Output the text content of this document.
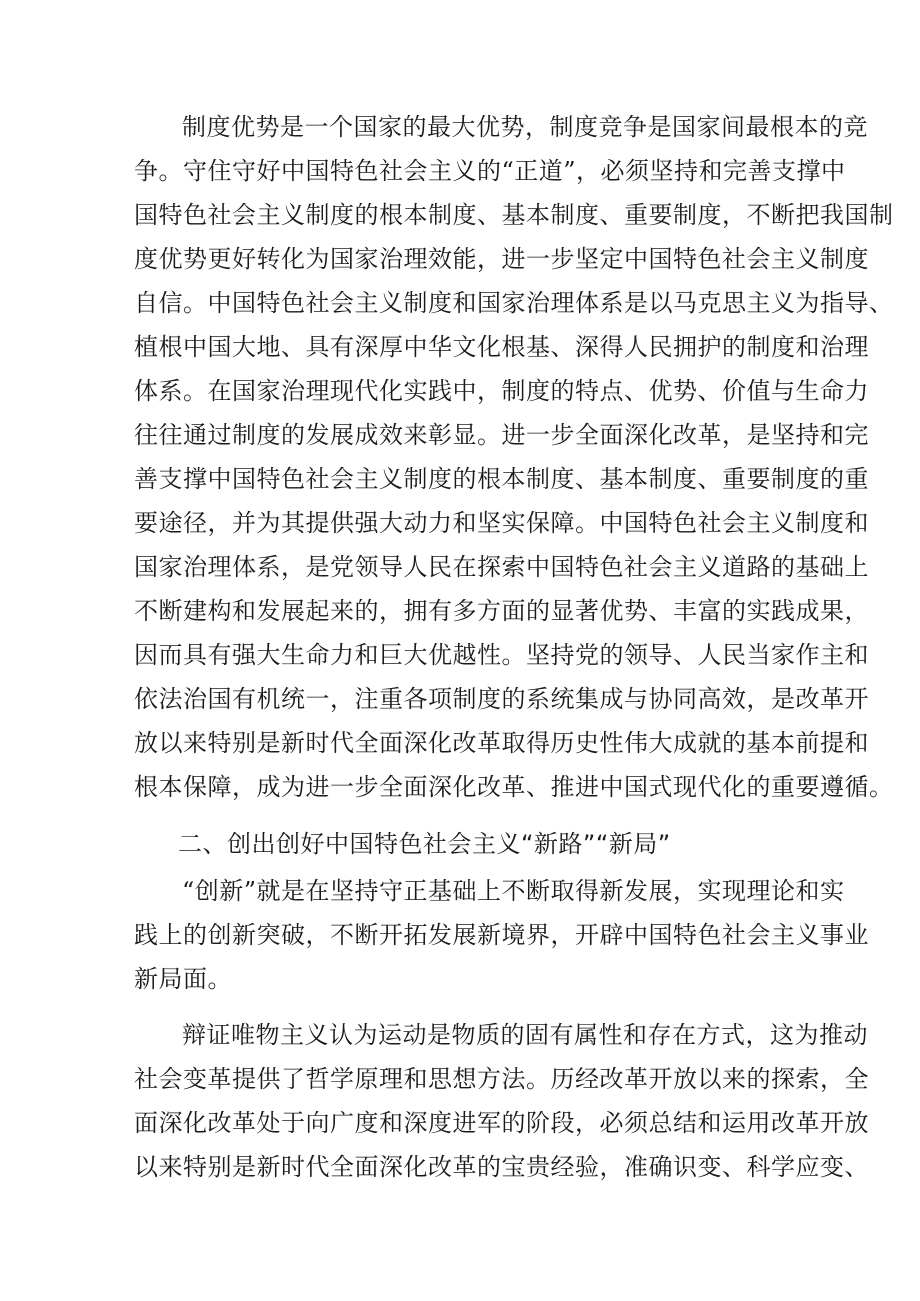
制度优势是一个国家的最大优势，制度竞争是国家间最根本的竞
争。守住守好中国特色社会主义的“正道”，必须坚持和完善支撑中
国特色社会主义制度的根本制度、基本制度、重要制度，不断把我国制
度优势更好转化为国家治理效能，进一步坚定中国特色社会主义制度
自信。中国特色社会主义制度和国家治理体系是以马克思主义为指导、
植根中国大地、具有深厚中华文化根基、深得人民拥护的制度和治理
体系。在国家治理现代化实践中，制度的特点、优势、价值与生命力
往往通过制度的发展成效来彰显。进一步全面深化改革，是坚持和完
善支撑中国特色社会主义制度的根本制度、基本制度、重要制度的重
要途径，并为其提供强大动力和坚实保障。中国特色社会主义制度和
国家治理体系，是党领导人民在探索中国特色社会主义道路的基础上
不断建构和发展起来的，拥有多方面的显著优势、丰富的实践成果，
因而具有强大生命力和巨大优越性。坚持党的领导、人民当家作主和
依法治国有机统一，注重各项制度的系统集成与协同高效，是改革开
放以来特别是新时代全面深化改革取得历史性伟大成就的基本前提和
根本保障，成为进一步全面深化改革、推进中国式现代化的重要遵循。
二、创出创好中国特色社会主义“新路”“新局”
“创新”就是在坚持守正基础上不断取得新发展，实现理论和实
践上的创新突破，不断开拓发展新境界，开辟中国特色社会主义事业
新局面。
辩证唯物主义认为运动是物质的固有属性和存在方式，这为推动
社会变革提供了哲学原理和思想方法。历经改革开放以来的探索，全
面深化改革处于向广度和深度进军的阶段，必须总结和运用改革开放
以来特别是新时代全面深化改革的宝贵经验，准确识变、科学应变、
